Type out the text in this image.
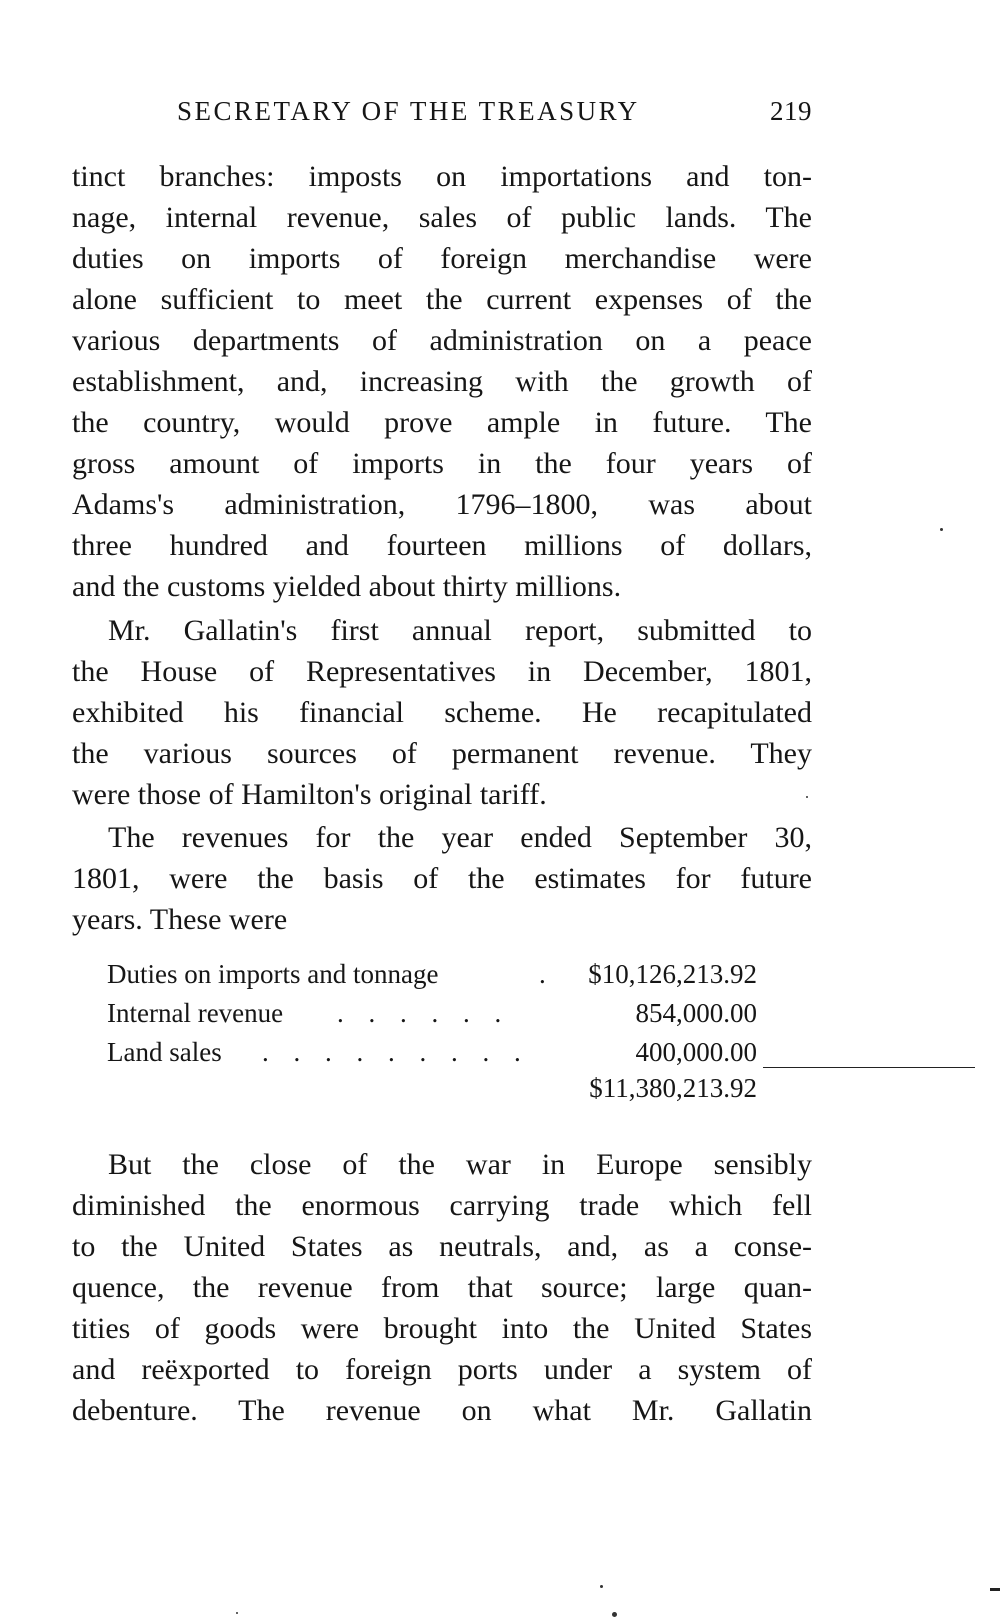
SECRETARY OF THE TREASURY	219
tinct branches: imposts on importations and ton-
nage, internal revenue, sales of public lands. The
duties on imports of foreign merchandise were
alone sufficient to meet the current expenses of the
various departments of administration on a peace
establishment, and, increasing with the growth of
the country, would prove ample in future. The
gross amount of imports in the four years of
Adams's administration, 1796–1800, was about
three hundred and fourteen millions of dollars,
and the customs yielded about thirty millions.
Mr. Gallatin's first annual report, submitted to
the House of Representatives in December, 1801,
exhibited his financial scheme. He recapitulated
the various sources of permanent revenue. They
were those of Hamilton's original tariff.
The revenues for the year ended September 30,
1801, were the basis of the estimates for future
years. These were
Duties on imports and tonnage	. $10,126,213.92
Internal revenue . . . . . .	854,000.00
Land sales . . . . . . . . .	400,000.00
$11,380,213.92
But the close of the war in Europe sensibly
diminished the enormous carrying trade which fell
to the United States as neutrals, and, as a conse-
quence, the revenue from that source; large quan-
tities of goods were brought into the United States
and reëxported to foreign ports under a system of
debenture. The revenue on what Mr. Gallatin
